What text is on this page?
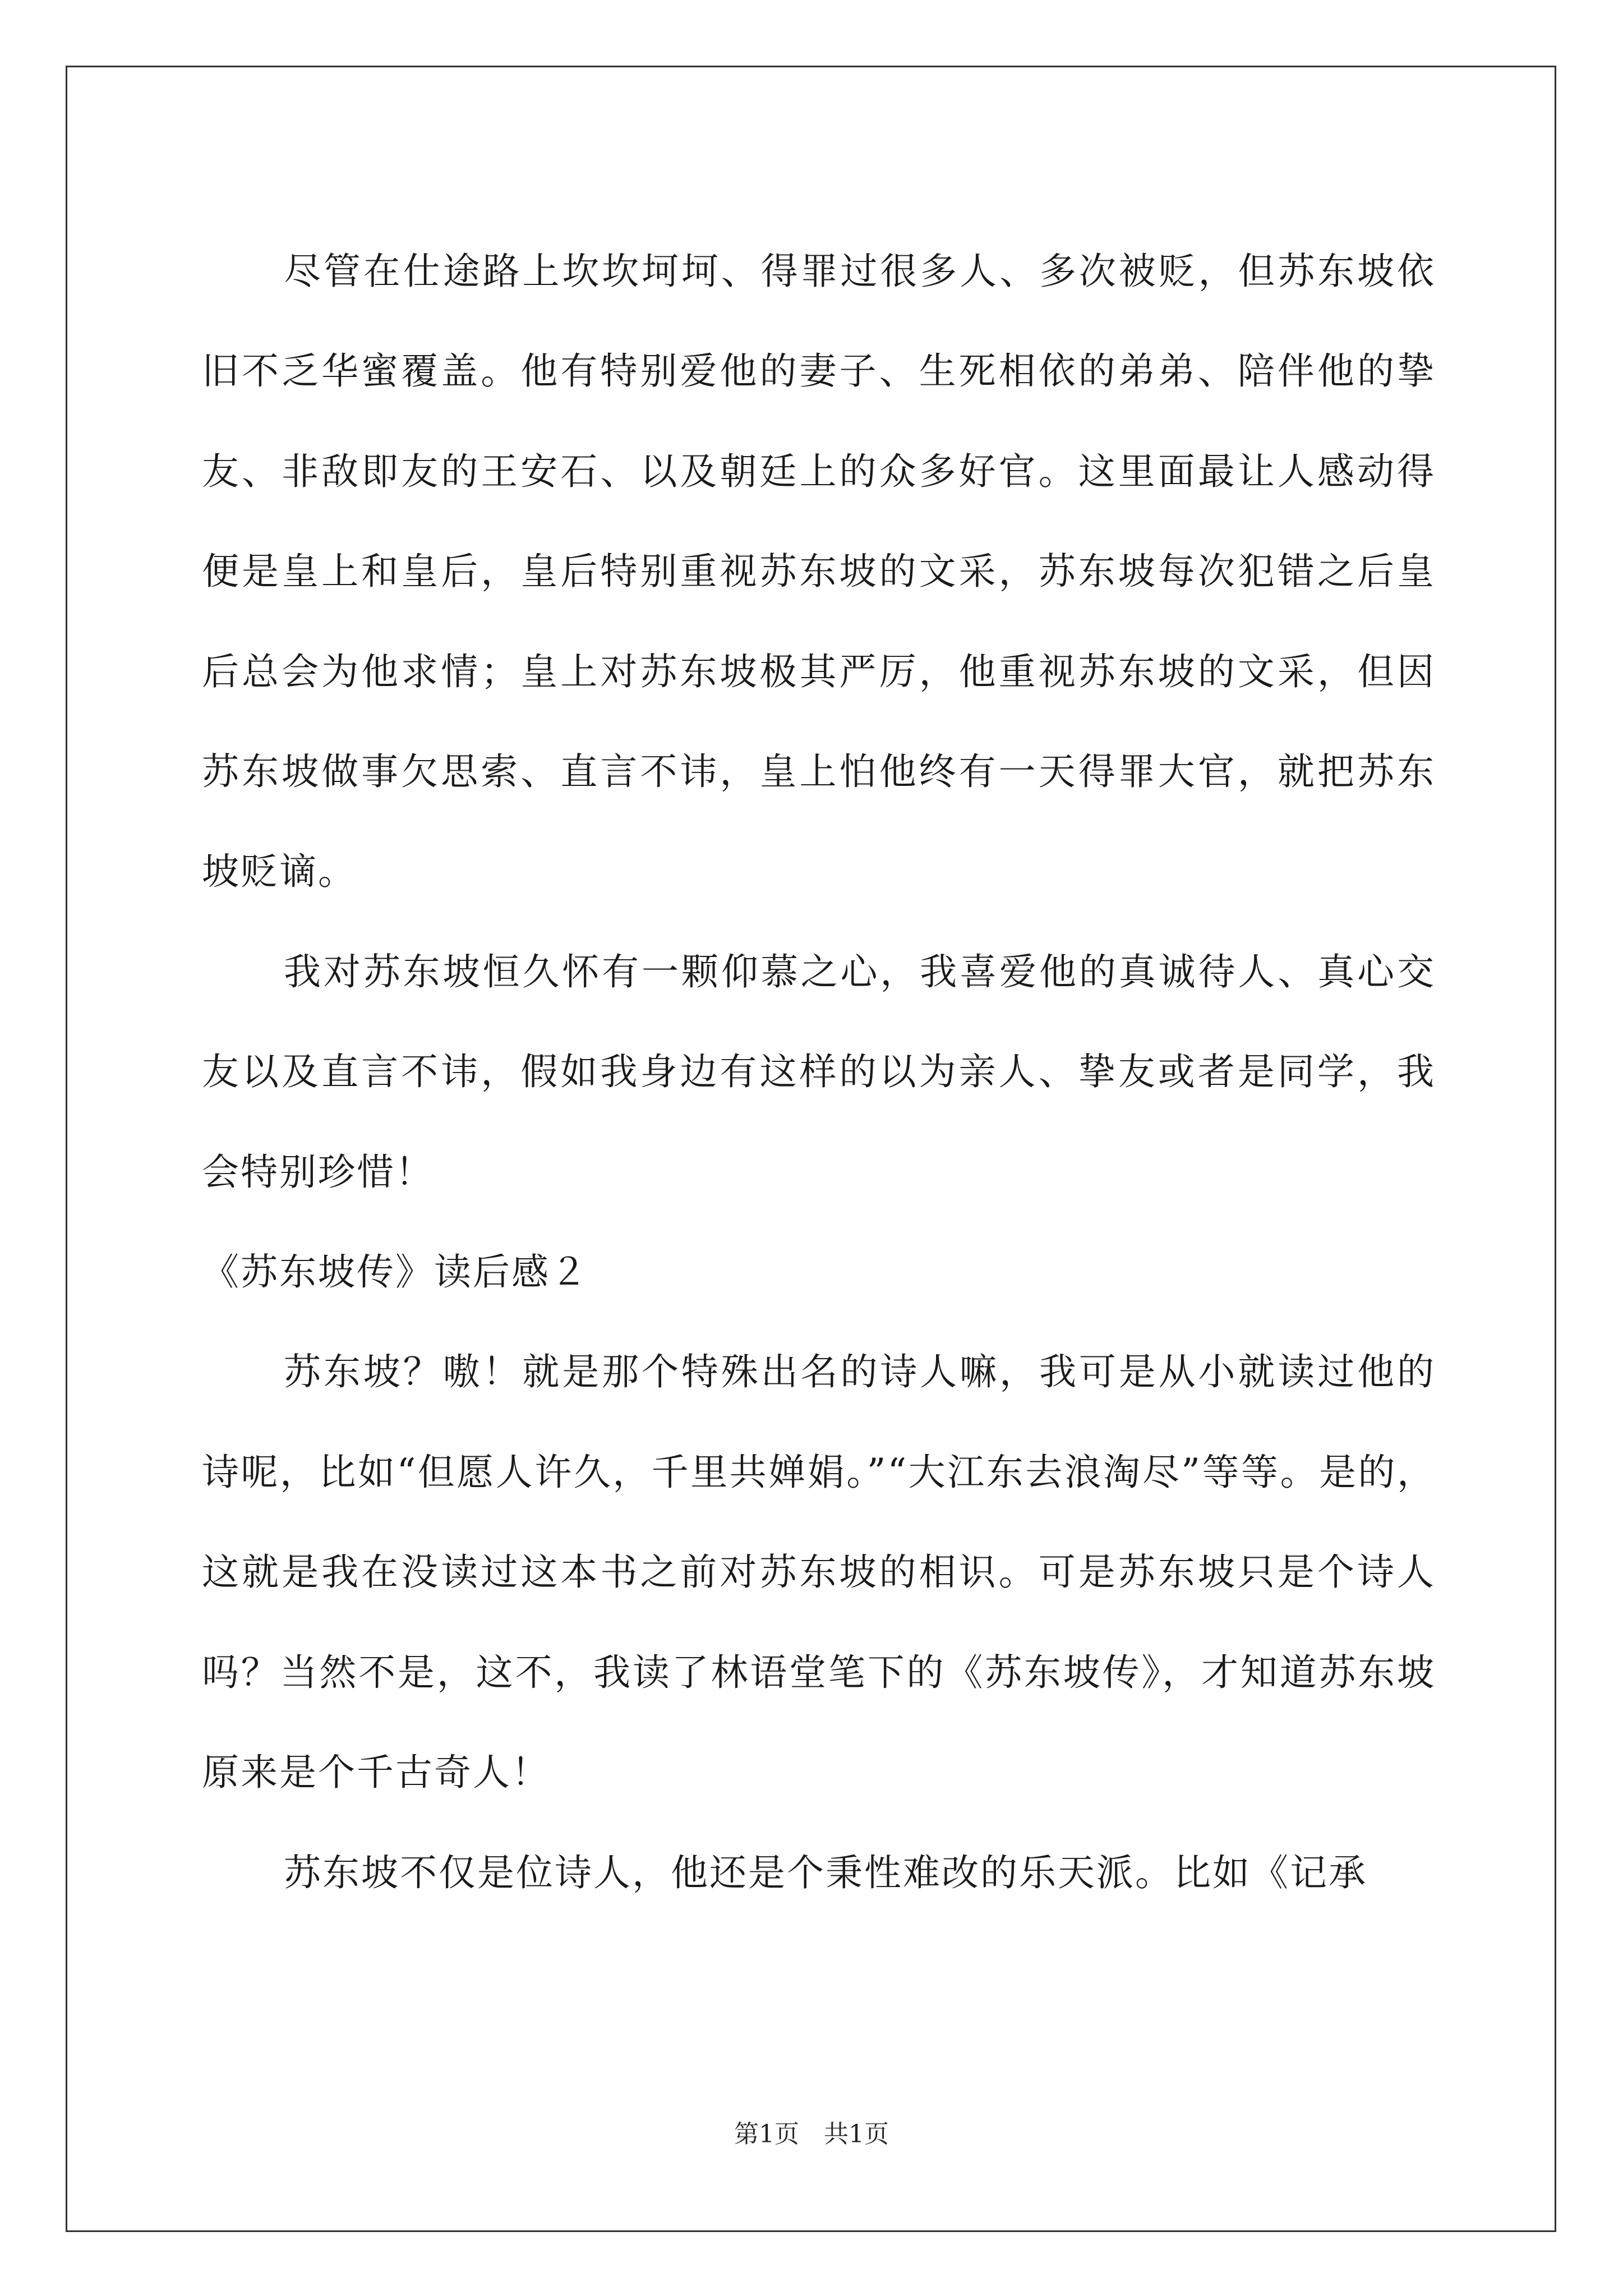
尽管在仕途路上坎坎坷坷、得罪过很多人、多次被贬，但苏东坡依旧不乏华蜜覆盖。他有特别爱他的妻子、生死相依的弟弟、陪伴他的挚友、非敌即友的王安石、以及朝廷上的众多好官。这里面最让人感动得便是皇上和皇后，皇后特别重视苏东坡的文采，苏东坡每次犯错之后皇后总会为他求情；皇上对苏东坡极其严厉，他重视苏东坡的文采，但因苏东坡做事欠思索、直言不讳，皇上怕他终有一天得罪大官，就把苏东坡贬谪。

我对苏东坡恒久怀有一颗仰慕之心，我喜爱他的真诚待人、真心交友以及直言不讳，假如我身边有这样的以为亲人、挚友或者是同学，我会特别珍惜！

《苏东坡传》读后感２

苏东坡？嗷！就是那个特殊出名的诗人嘛，我可是从小就读过他的诗呢，比如“但愿人许久，千里共婵娟。”“大江东去浪淘尽”等等。是的，这就是我在没读过这本书之前对苏东坡的相识。可是苏东坡只是个诗人吗？当然不是，这不，我读了林语堂笔下的《苏东坡传》，才知道苏东坡原来是个千古奇人！

苏东坡不仅是位诗人，他还是个秉性难改的乐天派。比如《记承

第1页　共1页
